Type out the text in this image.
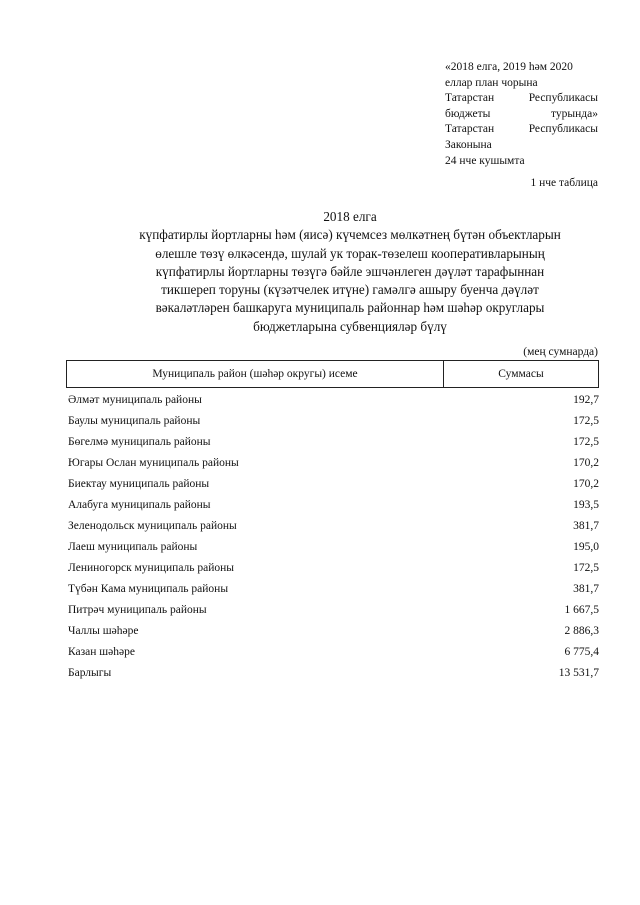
«2018 елга, 2019 һәм 2020
еллар план чорына
Татарстан	Республикасы
бюджеты	турында»
Татарстан	Республикасы
Законына
24 нче кушымта
1 нче таблица
2018 елга
күпфатирлы йортларны һәм (яисә) күчемсез мөлкәтнең бүтән объектларын
өлешле төзү өлкәсендә, шулай ук торак-төзелеш кооперативларының
күпфатирлы йортларны төзүгә бәйле эшчәнлеген дәүләт тарафыннан
тикшереп торуны (күзәтчелек итүне) гамәлгә ашыру буенча дәүләт
вәкаләтләрен башкаруга муниципаль районнар һәм шәһәр округлары
бюджетларына субвенцияләр бүлү
(мең сумнарда)
Муниципаль район (шәһәр округы) исеме	Суммасы
Әлмәт муниципаль районы	192,7
Баулы муниципаль районы	172,5
Бөгелмә муниципаль районы	172,5
Югары Ослан муниципаль районы	170,2
Биектау муниципаль районы	170,2
Алабуга муниципаль районы	193,5
Зеленодольск муниципаль районы	381,7
Лаеш муниципаль районы	195,0
Лениногорск муниципаль районы	172,5
Түбән Кама муниципаль районы	381,7
Питрәч муниципаль районы	1 667,5
Чаллы шәһәре	2 886,3
Казан шәһәре	6 775,4
Барлыгы	13 531,7
